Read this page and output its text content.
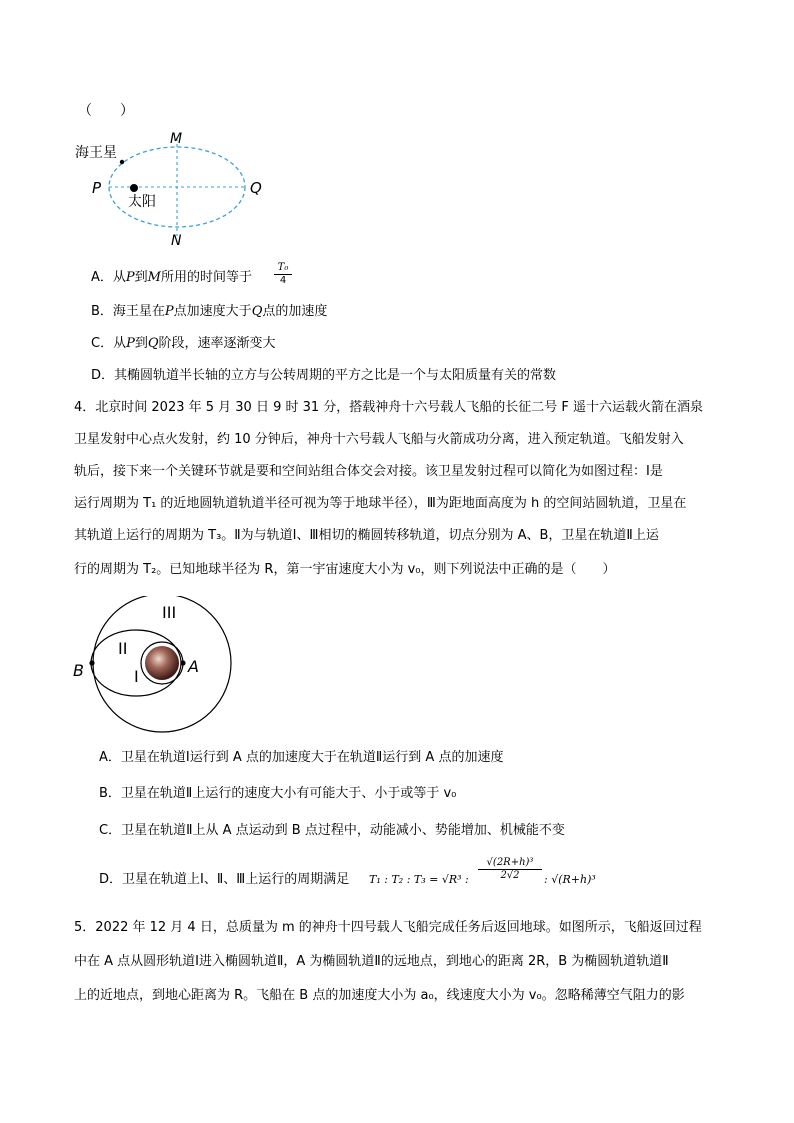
（　　）
海王星
太阳
P	Q
M
N
A．从P到M所用的时间等于 $\frac{\text{T₀}}{4}$
B．海王星在P点加速度大于Q点的加速度
C．从P到Q阶段，速率逐渐变大
D．其椭圆轨道半长轴的立方与公转周期的平方之比是一个与太阳质量有关的常数
4．北京时间 2023 年 5 月 30 日 9 时 31 分，搭载神舟十六号载人飞船的长征二号 F 遥十六运载火箭在酒泉
卫星发射中心点火发射，约 10 分钟后，神舟十六号载人飞船与火箭成功分离，进入预定轨道。飞船发射入
轨后，接下来一个关键环节就是要和空间站组合体交会对接。该卫星发射过程可以简化为如图过程：Ⅰ是
运行周期为 T₁ 的近地圆轨道轨道半径可视为等于地球半径），Ⅲ为距地面高度为 h 的空间站圆轨道，卫星在
其轨道上运行的周期为 T₃。Ⅱ为与轨道Ⅰ、Ⅲ相切的椭圆转移轨道，切点分别为 A、B，卫星在轨道Ⅱ上运
行的周期为 T₂。已知地球半径为 R，第一宇宙速度大小为 v₀，则下列说法中正确的是（　　）
III
II
I
A
B
A．卫星在轨道Ⅰ运行到 A 点的加速度大于在轨道Ⅱ运行到 A 点的加速度
B．卫星在轨道Ⅱ上运行的速度大小有可能大于、小于或等于 v₀
C．卫星在轨道Ⅱ上从 A 点运动到 B 点过程中，动能减小、势能增加、机械能不变
D．卫星在轨道上Ⅰ、Ⅱ、Ⅲ上运行的周期满足 T₁ : T₂ : T₃ = √R³ : $\frac{\text{√(2R+h)³}}{2√2}$ : √(R+h)³
5．2022 年 12 月 4 日，总质量为 m 的神舟十四号载人飞船完成任务后返回地球。如图所示，飞船返回过程
中在 A 点从圆形轨道Ⅰ进入椭圆轨道Ⅱ，A 为椭圆轨道Ⅱ的远地点，到地心的距离 2R，B 为椭圆轨道轨道Ⅱ
上的近地点，到地心距离为 R。飞船在 B 点的加速度大小为 a₀，线速度大小为 v₀。忽略稀薄空气阻力的影
